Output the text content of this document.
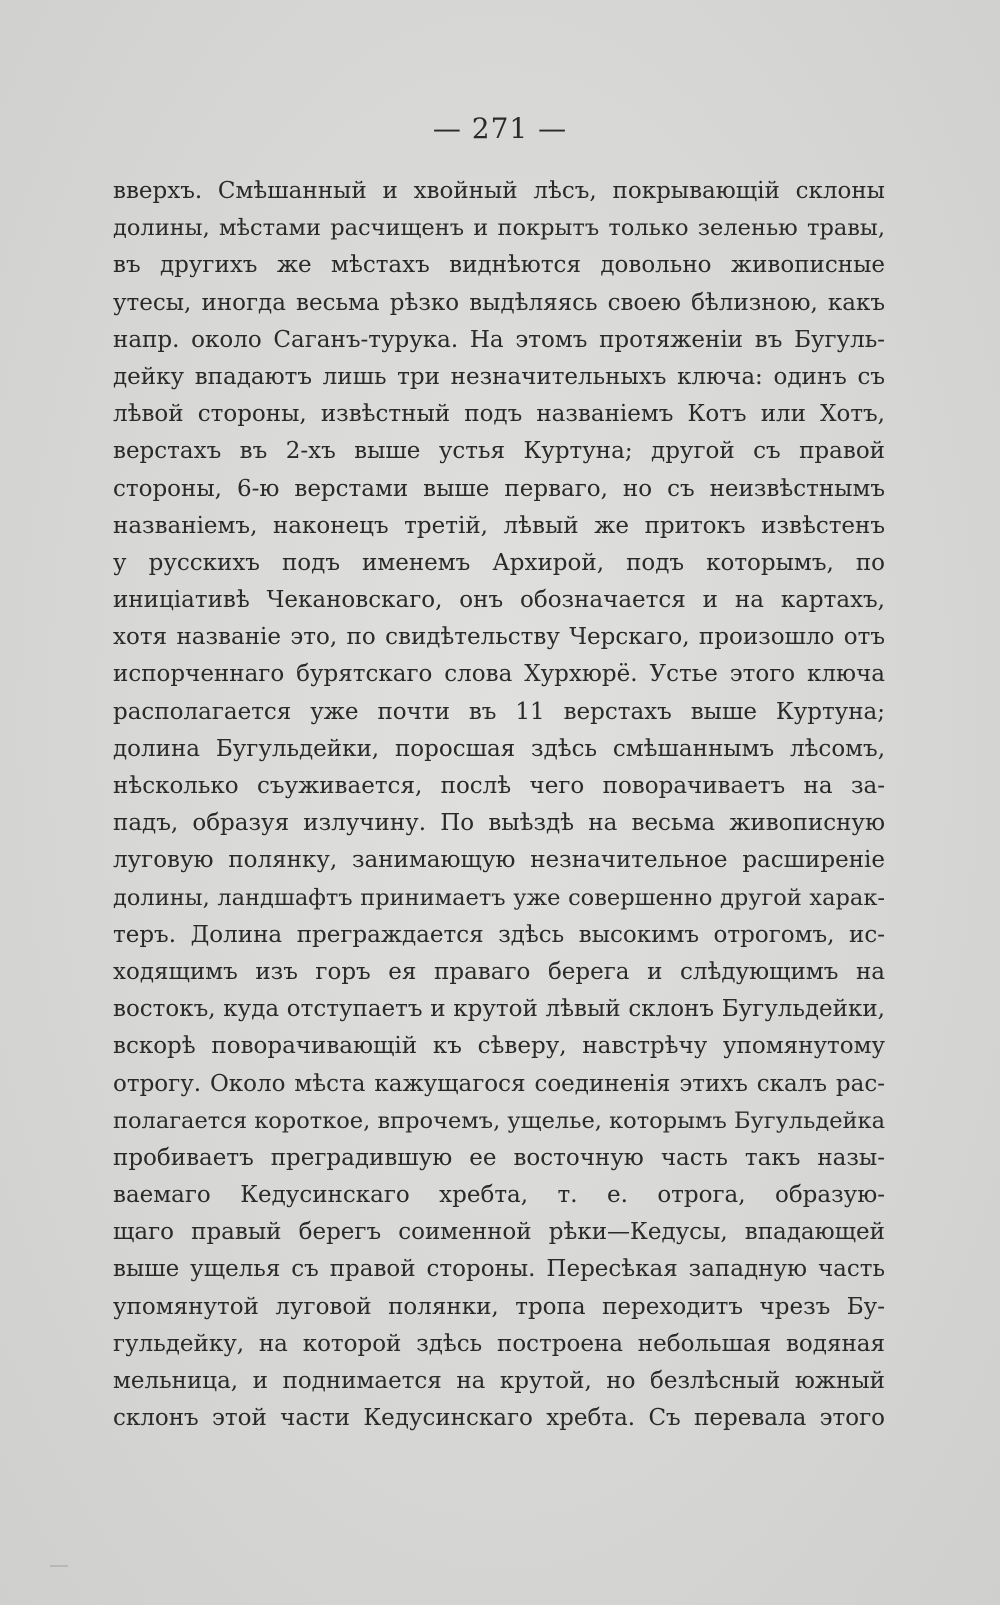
— 271 —
вверхъ. Смѣшанный и хвойный лѣсъ, покрывающій склоны
долины, мѣстами расчищенъ и покрытъ только зеленью травы,
въ другихъ же мѣстахъ виднѣются довольно живописные
утесы, иногда весьма рѣзко выдѣляясь своею бѣлизною, какъ
напр. около Саганъ-турука. На этомъ протяженіи въ Бугуль-
дейку впадаютъ лишь три незначительныхъ ключа: одинъ съ
лѣвой стороны, извѣстный подъ названіемъ Котъ или Хотъ,
верстахъ въ 2-хъ выше устья Куртуна; другой съ правой
стороны, 6-ю верстами выше перваго, но съ неизвѣстнымъ
названіемъ, наконецъ третій, лѣвый же притокъ извѣстенъ
у русскихъ подъ именемъ Архирой, подъ которымъ, по
иниціативѣ Чекановскаго, онъ обозначается и на картахъ,
хотя названіе это, по свидѣтельству Черскаго, произошло отъ
испорченнаго бурятскаго слова Хурхюрё. Устье этого ключа
располагается уже почти въ 11 верстахъ выше Куртуна;
долина Бугульдейки, поросшая здѣсь смѣшаннымъ лѣсомъ,
нѣсколько съуживается, послѣ чего поворачиваетъ на за-
падъ, образуя излучину. По выѣздѣ на весьма живописную
луговую полянку, занимающую незначительное расширеніе
долины, ландшафтъ принимаетъ уже совершенно другой харак-
теръ. Долина преграждается здѣсь высокимъ отрогомъ, ис-
ходящимъ изъ горъ ея праваго берега и слѣдующимъ на
востокъ, куда отступаетъ и крутой лѣвый склонъ Бугульдейки,
вскорѣ поворачивающій къ сѣверу, навстрѣчу упомянутому
отрогу. Около мѣста кажущагося соединенія этихъ скалъ рас-
полагается короткое, впрочемъ, ущелье, которымъ Бугульдейка
пробиваетъ преградившую ее восточную часть такъ назы-
ваемаго Кедусинскаго хребта, т. е. отрога, образую-
щаго правый берегъ соименной рѣки—Кедусы, впадающей
выше ущелья съ правой стороны. Пересѣкая западную часть
упомянутой луговой полянки, тропа переходитъ чрезъ Бу-
гульдейку, на которой здѣсь построена небольшая водяная
мельница, и поднимается на крутой, но безлѣсный южный
склонъ этой части Кедусинскаго хребта. Съ перевала этого
